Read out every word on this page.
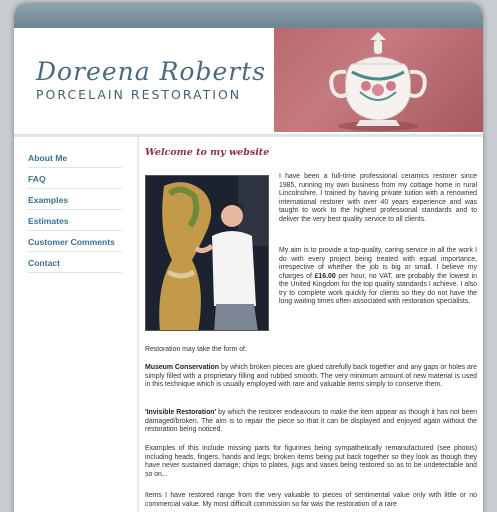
Doreena Roberts
PORCELAIN RESTORATION
About Me
FAQ
Examples
Estimates
Customer Comments
Contact
Welcome to my website

I have been a full-time professional ceramics restorer since 1985, running my own business from my cottage home in rural Lincolnshire. I trained by having private tuition with a renowned international restorer with over 40 years experience and was taught to work to the highest professional standards and to deliver the very best quality service to all clients.

My aim is to provide a top-quality, caring service in all the work I do with every project being treated with equal importance, irrespective of whether the job is big or small. I believe my charges of £16.00 per hour, no VAT, are probably the lowest in the United Kingdom for the top quality standards I achieve. I also try to complete work quickly for clients so they do not have the long waiting times often associated with restoration specialists.

Restoration may take the form of:

Museum Conservation by which broken pieces are glued carefully back together and any gaps or holes are simply filled with a proprietary filling and rubbed smooth. The very minimum amount of new material is used in this technique which is usually employed with rare and valuable items simply to conserve them.

'Invisible Restoration' by which the restorer endeavours to make the item appear as though it has not been damaged/broken. The aim is to repair the piece so that it can be displayed and enjoyed again without the restoration being noticed.

Examples of this include missing parts for figurines being sympathetically remanufactured (see photos) including heads, fingers, hands and legs; broken items being put back together so they look as though they have never sustained damage; chips to plates, jugs and vases being restored so as to be undetectable and so on...

Items I have restored range from the very valuable to pieces of sentimental value only with little or no commercial value. My most difficult commission so far was the restoration of a rare
